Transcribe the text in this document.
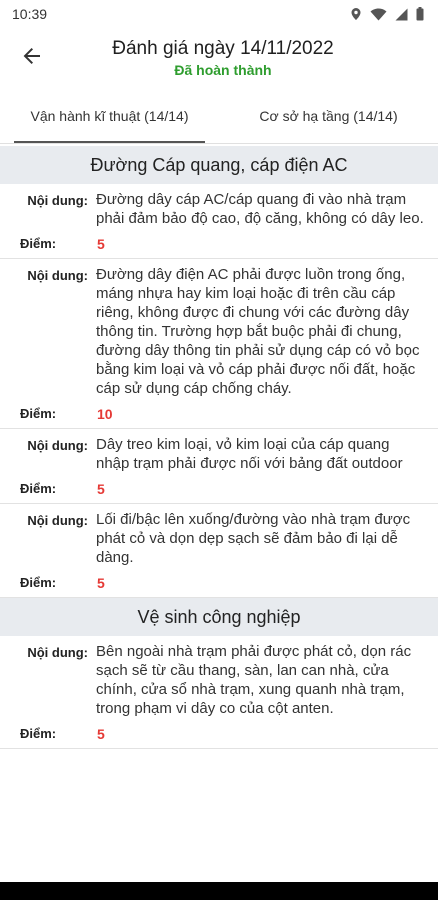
10:39
Đánh giá ngày 14/11/2022
Đã hoàn thành
Vận hành kĩ thuật (14/14)	Cơ sở hạ tầng (14/14)
Đường Cáp quang, cáp điện AC
Nội dung: Đường dây cáp AC/cáp quang đi vào nhà trạm phải đảm bảo độ cao, độ căng, không có dây leo.
Điểm:	5
Nội dung: Đường dây điện AC phải được luồn trong ống, máng nhựa hay kim loại hoặc đi trên cầu cáp riêng, không được đi chung với các đường dây thông tin. Trường hợp bắt buộc phải đi chung, đường dây thông tin phải sử dụng cáp có vỏ bọc bằng kim loại và vỏ cáp phải được nối đất, hoặc cáp sử dụng cáp chống cháy.
Điểm:	10
Nội dung: Dây treo kim loại, vỏ kim loại của cáp quang nhập trạm phải được nối với bảng đất outdoor
Điểm:	5
Nội dung: Lối đi/bậc lên xuống/đường vào nhà trạm được phát cỏ và dọn dẹp sạch sẽ đảm bảo đi lại dễ dàng.
Điểm:	5
Vệ sinh công nghiệp
Nội dung: Bên ngoài nhà trạm phải được phát cỏ, dọn rác sạch sẽ từ cầu thang, sàn, lan can nhà, cửa chính, cửa sổ nhà trạm, xung quanh nhà trạm, trong phạm vi dây co của cột anten.
Điểm:	5
